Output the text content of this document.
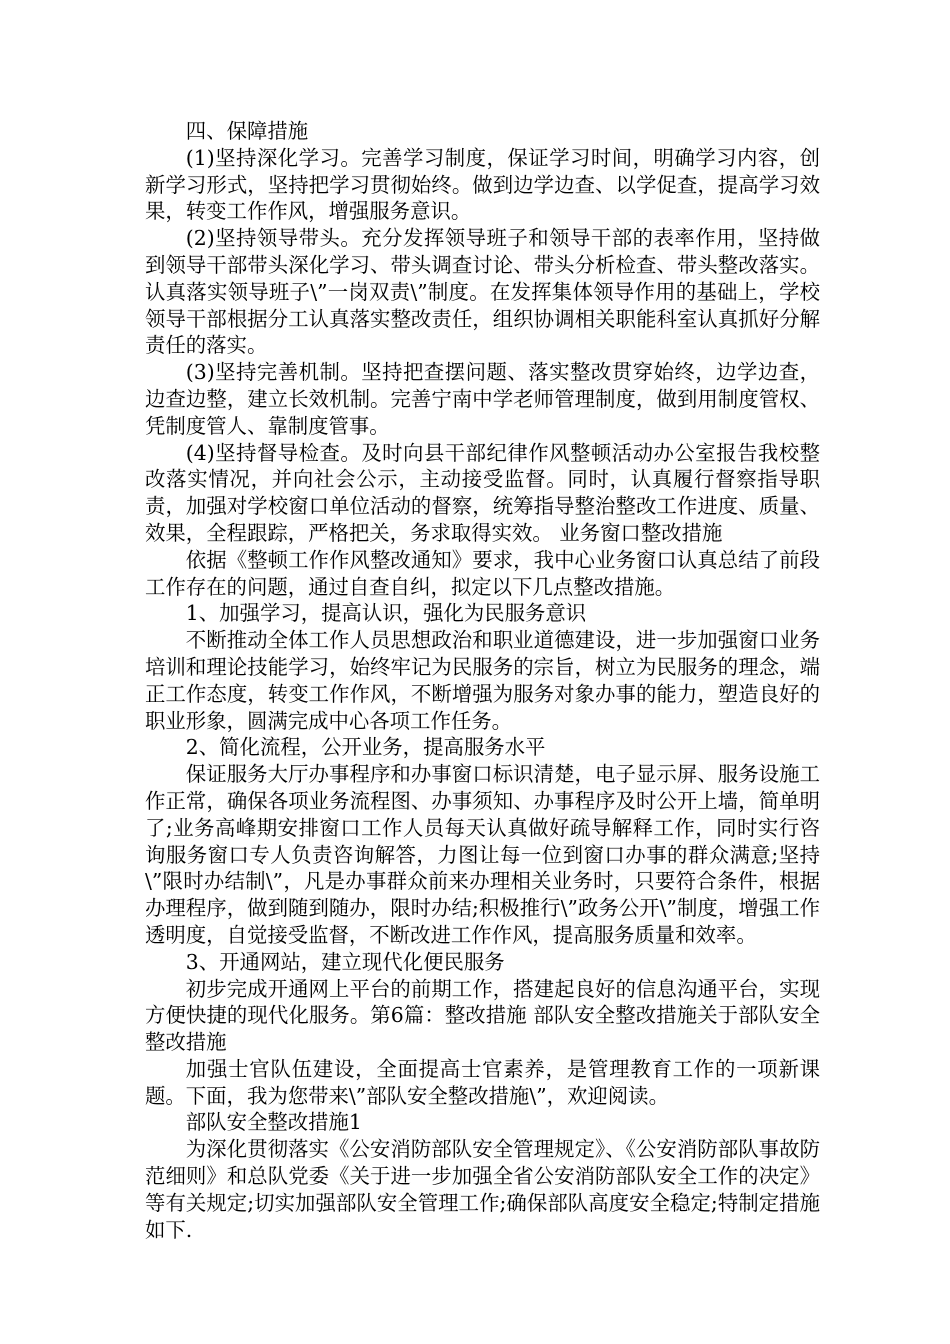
四、保障措施

(1)坚持深化学习。完善学习制度，保证学习时间，明确学习内容，创新学习形式，坚持把学习贯彻始终。做到边学边查、以学促查，提高学习效果，转变工作作风，增强服务意识。

(2)坚持领导带头。充分发挥领导班子和领导干部的表率作用，坚持做到领导干部带头深化学习、带头调查讨论、带头分析检查、带头整改落实。认真落实领导班子\”一岗双责\”制度。在发挥集体领导作用的基础上，学校领导干部根据分工认真落实整改责任，组织协调相关职能科室认真抓好分解责任的落实。

(3)坚持完善机制。坚持把查摆问题、落实整改贯穿始终，边学边查，边查边整，建立长效机制。完善宁南中学老师管理制度，做到用制度管权、凭制度管人、靠制度管事。

(4)坚持督导检查。及时向县干部纪律作风整顿活动办公室报告我校整改落实情况，并向社会公示，主动接受监督。同时，认真履行督察指导职责，加强对学校窗口单位活动的督察，统筹指导整治整改工作进度、质量、效果，全程跟踪，严格把关，务求取得实效。 业务窗口整改措施

依据《整顿工作作风整改通知》要求，我中心业务窗口认真总结了前段工作存在的问题，通过自查自纠，拟定以下几点整改措施。

1、加强学习，提高认识，强化为民服务意识

不断推动全体工作人员思想政治和职业道德建设，进一步加强窗口业务培训和理论技能学习，始终牢记为民服务的宗旨，树立为民服务的理念，端正工作态度，转变工作作风，不断增强为服务对象办事的能力，塑造良好的职业形象，圆满完成中心各项工作任务。

2、简化流程，公开业务，提高服务水平

保证服务大厅办事程序和办事窗口标识清楚，电子显示屏、服务设施工作正常，确保各项业务流程图、办事须知、办事程序及时公开上墙，简单明了;业务高峰期安排窗口工作人员每天认真做好疏导解释工作，同时实行咨询服务窗口专人负责咨询解答，力图让每一位到窗口办事的群众满意;坚持\”限时办结制\”，凡是办事群众前来办理相关业务时，只要符合条件，根据办理程序，做到随到随办，限时办结;积极推行\”政务公开\”制度，增强工作透明度，自觉接受监督，不断改进工作作风，提高服务质量和效率。

3、开通网站，建立现代化便民服务

初步完成开通网上平台的前期工作，搭建起良好的信息沟通平台，实现方便快捷的现代化服务。第6篇：整改措施 部队安全整改措施关于部队安全整改措施

加强士官队伍建设，全面提高士官素养，是管理教育工作的一项新课题。下面，我为您带来\”部队安全整改措施\”，欢迎阅读。

部队安全整改措施1

为深化贯彻落实《公安消防部队安全管理规定》、《公安消防部队事故防范细则》和总队党委《关于进一步加强全省公安消防部队安全工作的决定》等有关规定;切实加强部队安全管理工作;确保部队高度安全稳定;特制定措施如下.
